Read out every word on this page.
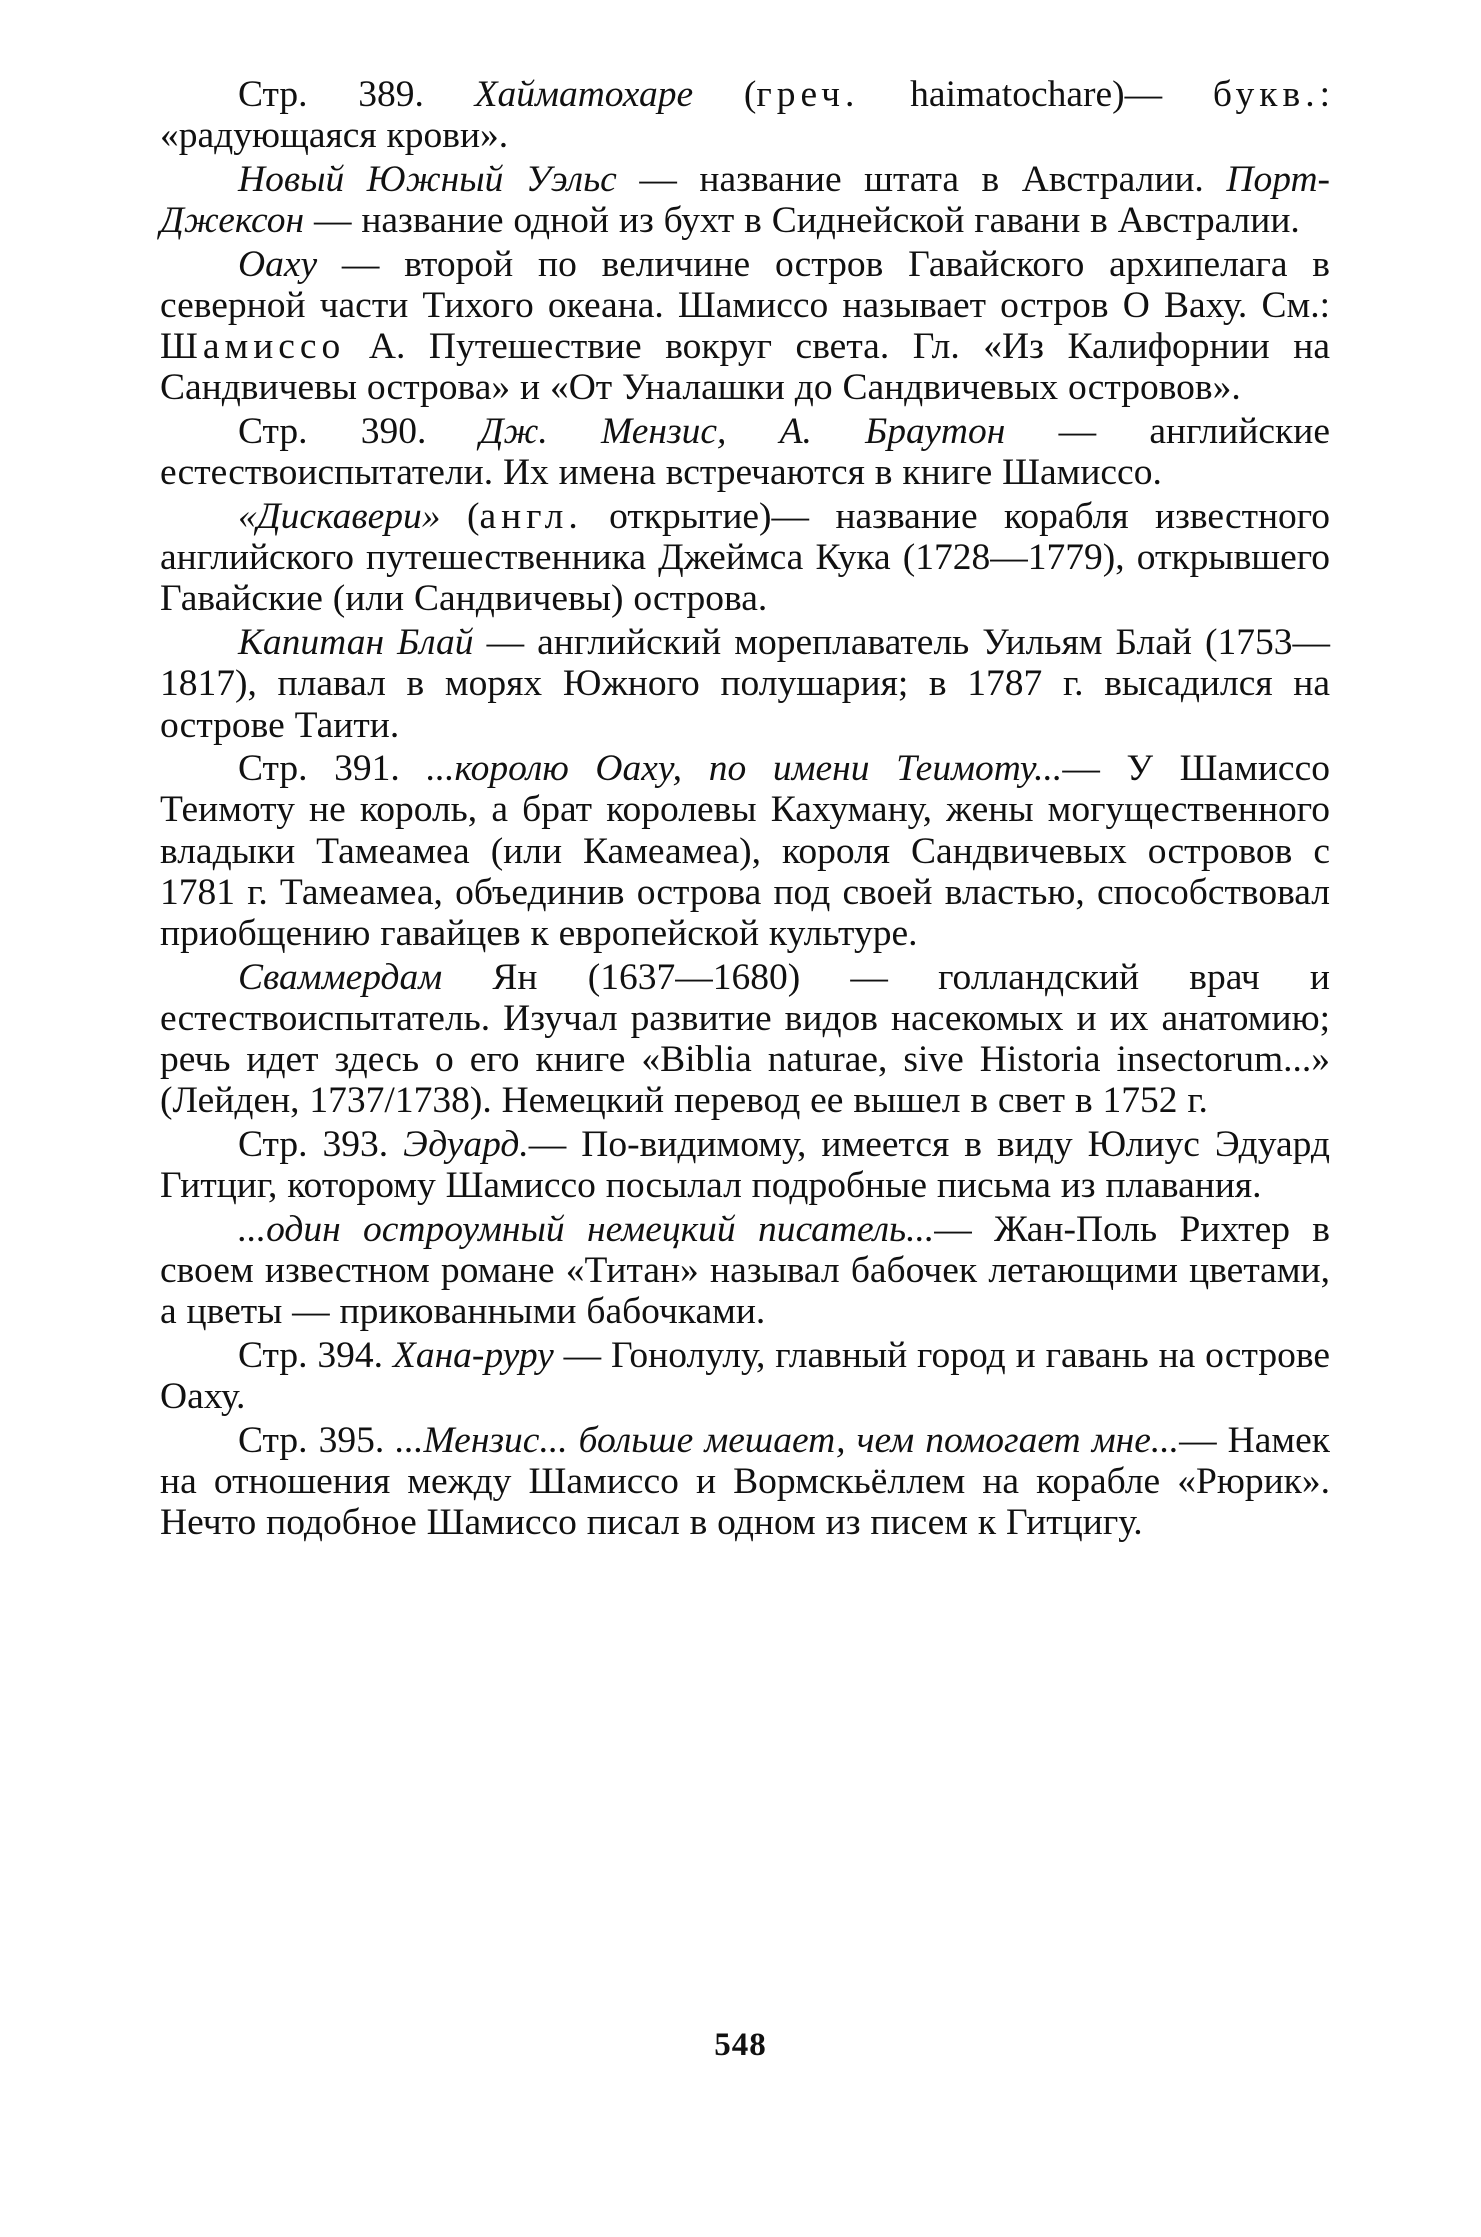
Стр. 389. Хайматохаре (греч. haimatochare)— букв.: «радующаяся крови».

Новый Южный Уэльс — название штата в Австралии. Порт-Джексон — название одной из бухт в Сиднейской гавани в Австралии.

Оаху — второй по величине остров Гавайского архипелага в северной части Тихого океана. Шамиссо называет остров О Ваху. См.: Шамиссо А. Путешествие вокруг света. Гл. «Из Калифорнии на Сандвичевы острова» и «От Уналашки до Сандвичевых островов».

Стр. 390. Дж. Мензис, А. Браутон — английские естествоиспытатели. Их имена встречаются в книге Шамиссо.

«Дискавери» (англ. открытие)— название корабля известного английского путешественника Джеймса Кука (1728—1779), открывшего Гавайские (или Сандвичевы) острова.

Капитан Блай — английский мореплаватель Уильям Блай (1753—1817), плавал в морях Южного полушария; в 1787 г. высадился на острове Таити.

Стр. 391. ...королю Оаху, по имени Теимоту...— У Шамиссо Теимоту не король, а брат королевы Кахуману, жены могущественного владыки Тамеамеа (или Камеамеа), короля Сандвичевых островов с 1781 г. Тамеамеа, объединив острова под своей властью, способствовал приобщению гавайцев к европейской культуре.

Сваммердам Ян (1637—1680) — голландский врач и естествоиспытатель. Изучал развитие видов насекомых и их анатомию; речь идет здесь о его книге «Biblia naturae, sive Historia insectorum...» (Лейден, 1737/1738). Немецкий перевод ее вышел в свет в 1752 г.

Стр. 393. Эдуард.— По-видимому, имеется в виду Юлиус Эдуард Гитциг, которому Шамиссо посылал подробные письма из плавания.

...один остроумный немецкий писатель...— Жан-Поль Рихтер в своем известном романе «Титан» называл бабочек летающими цветами, а цветы — прикованными бабочками.

Стр. 394. Хана-руру — Гонолулу, главный город и гавань на острове Оаху.

Стр. 395. ...Мензис... больше мешает, чем помогает мне...— Намек на отношения между Шамиссо и Вормскьёллем на корабле «Рюрик». Нечто подобное Шамиссо писал в одном из писем к Гитцигу.

548
